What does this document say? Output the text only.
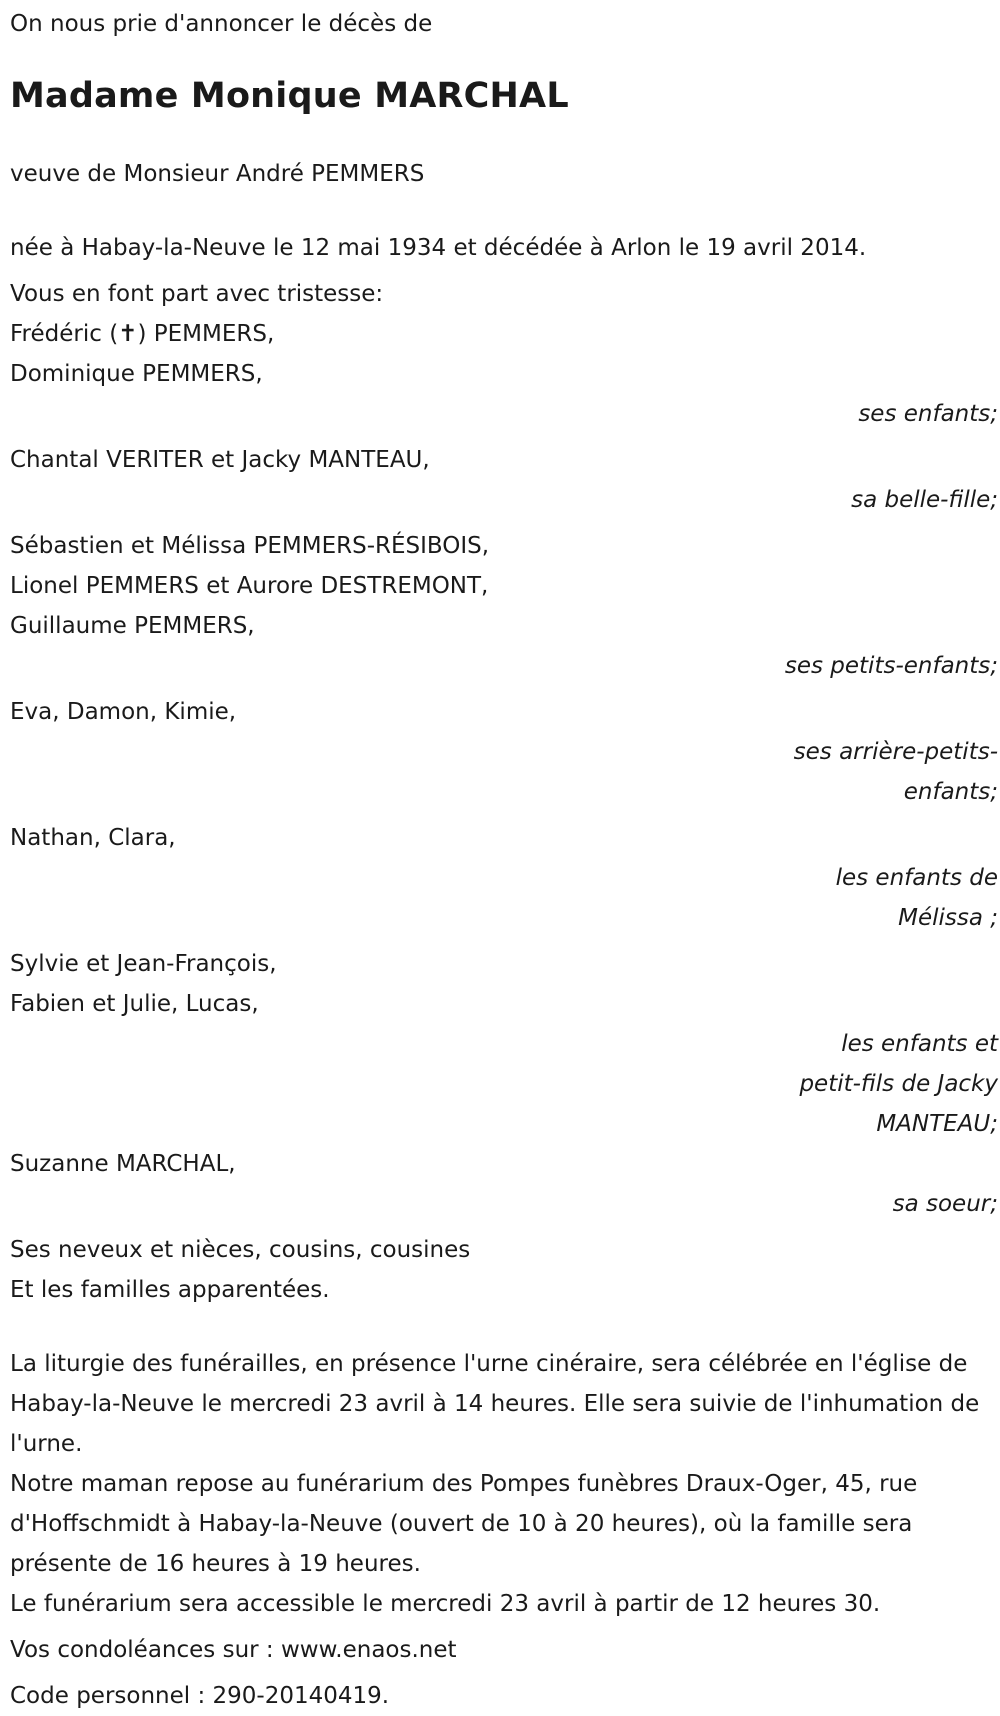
On nous prie d'annoncer le décès de
Madame Monique MARCHAL
veuve de Monsieur André PEMMERS
née à Habay-la-Neuve le 12 mai 1934 et décédée à Arlon le 19 avril 2014.
Vous en font part avec tristesse:
Frédéric (✝) PEMMERS,
Dominique PEMMERS,
ses enfants;
Chantal VERITER et Jacky MANTEAU,
sa belle-fille;
Sébastien et Mélissa PEMMERS-RÉSIBOIS,
Lionel PEMMERS et Aurore DESTREMONT,
Guillaume PEMMERS,
ses petits-enfants;
Eva, Damon, Kimie,
ses arrière-petits-
enfants;
Nathan, Clara,
les enfants de
Mélissa ;
Sylvie et Jean-François,
Fabien et Julie, Lucas,
les enfants et
petit-fils de Jacky
MANTEAU;
Suzanne MARCHAL,
sa soeur;
Ses neveux et nièces, cousins, cousines
Et les familles apparentées.

La liturgie des funérailles, en présence l'urne cinéraire, sera célébrée en l'église de Habay-la-Neuve le mercredi 23 avril à 14 heures. Elle sera suivie de l'inhumation de l'urne.

Notre maman repose au funérarium des Pompes funèbres Draux-Oger, 45, rue d'Hoffschmidt à Habay-la-Neuve (ouvert de 10 à 20 heures), où la famille sera présente de 16 heures à 19 heures.

Le funérarium sera accessible le mercredi 23 avril à partir de 12 heures 30.

Vos condoléances sur : www.enaos.net
Code personnel : 290-20140419.
